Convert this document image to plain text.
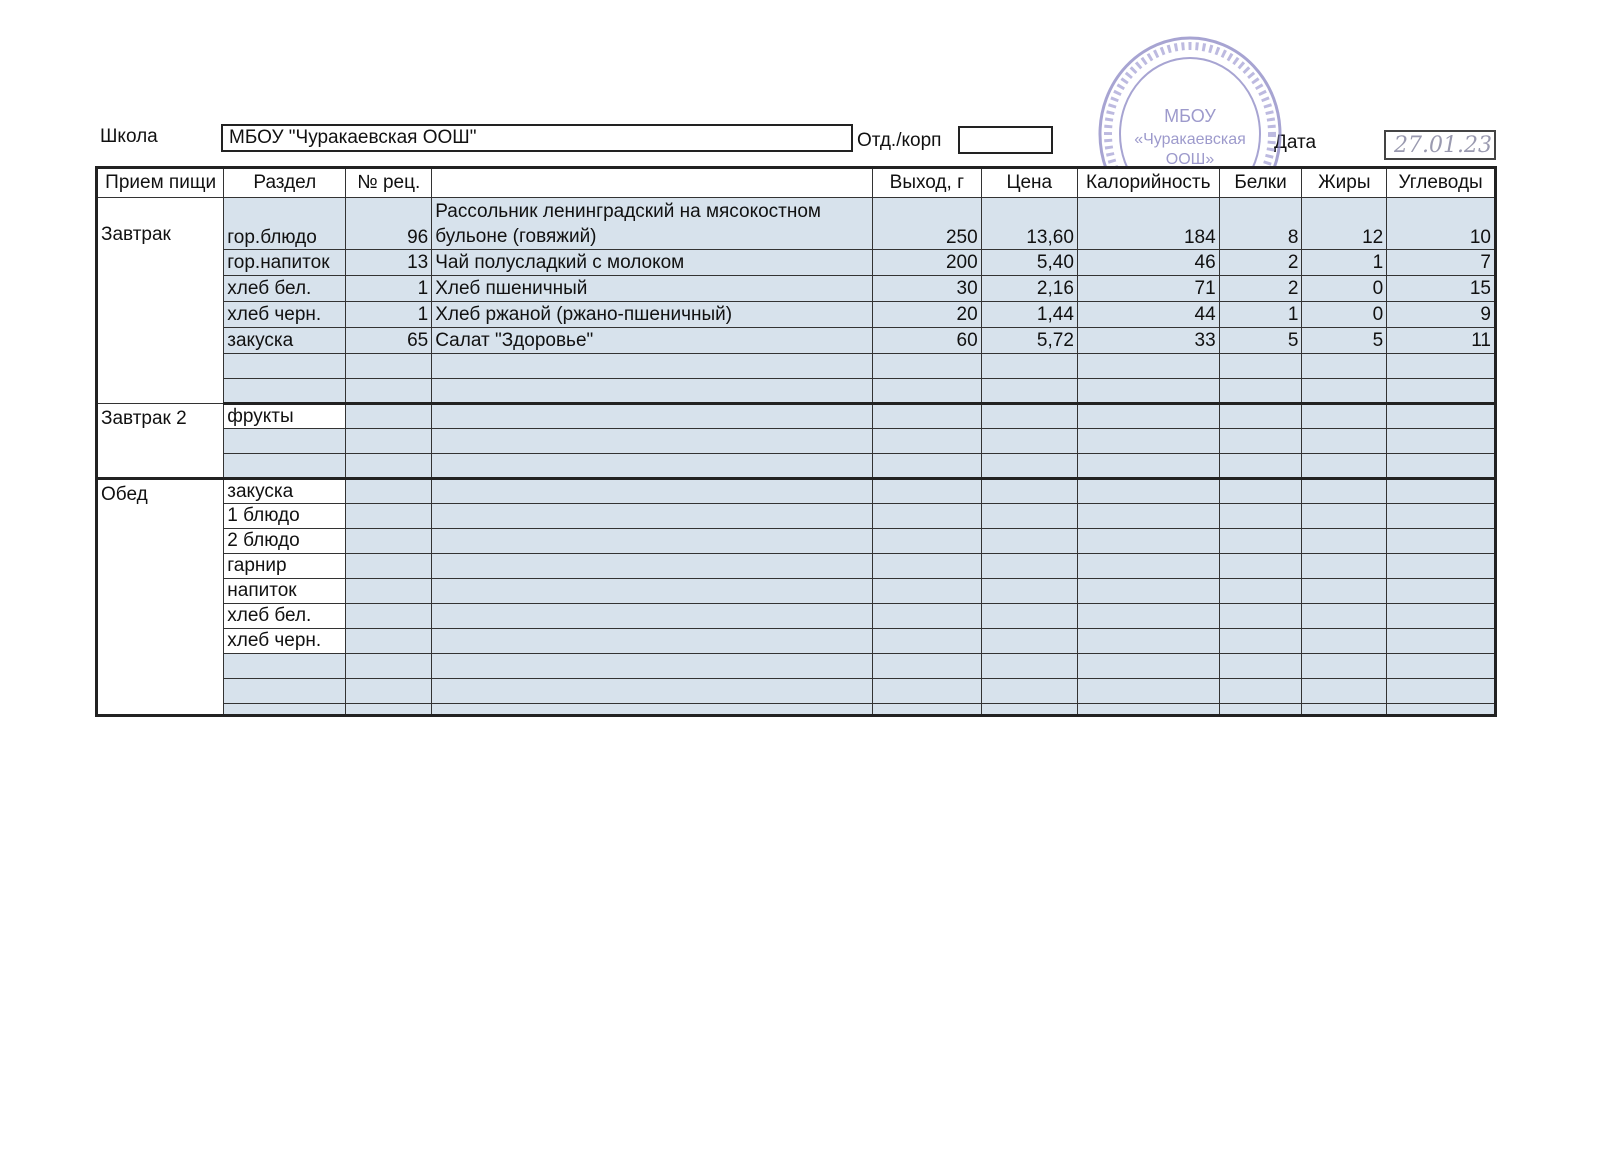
Школа	МБОУ "Чуракаевская ООШ"	Отд./корп	Дата	27.01.23
МБОУ
«Чуракаевская
ООШ»
Прием пищи	Раздел	№ рец.		Выход, г	Цена	Калорийность	Белки	Жиры	Углеводы
Завтрак	гор.блюдо	96	Рассольник ленинградский на мясокостном бульоне (говяжий)	250	13,60	184	8	12	10
	гор.напиток	13	Чай полусладкий с молоком	200	5,40	46	2	1	7
	хлеб бел.	1	Хлеб пшеничный	30	2,16	71	2	0	15
	хлеб черн.	1	Хлеб ржаной (ржано-пшеничный)	20	1,44	44	1	0	9
	закуска	65	Салат "Здоровье"	60	5,72	33	5	5	11

Завтрак 2	фрукты								

Обед	закуска								
	1 блюдо								
	2 блюдо								
	гарнир								
	напиток								
	хлеб бел.								
	хлеб черн.								
